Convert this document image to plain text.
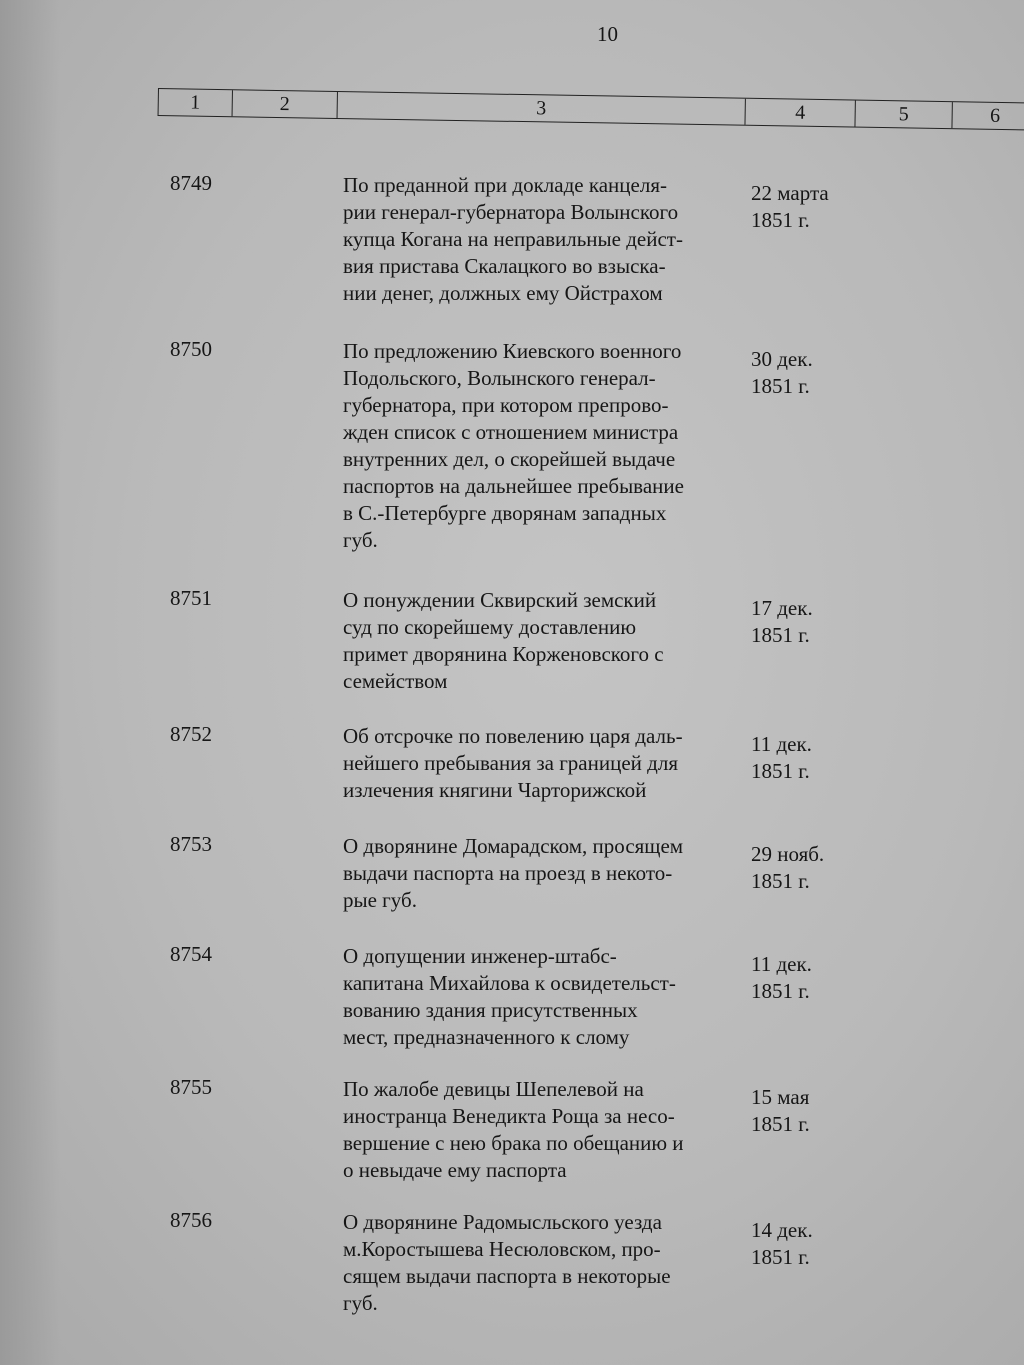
10
1	2	3	4	5	6
8749	По преданной при докладе канцеля-
рии генерал-губернатора Волынского
купца Когана на неправильные дейст-
вия пристава Скалацкого во взыска-
нии денег, должных ему Ойстрахом
22 марта
1851 г.
8750	По предложению Киевского военного
Подольского, Волынского генерал-
губернатора, при котором препрово-
жден список с отношением министра
внутренних дел, о скорейшей выдаче
паспортов на дальнейшее пребывание
в С.-Петербурге дворянам западных
губ.
30 дек.
1851 г.
8751	О понуждении Сквирский земский
суд по скорейшему доставлению
примет дворянина Корженовского с
семейством
17 дек.
1851 г.
8752	Об отсрочке по повелению царя даль-
нейшего пребывания за границей для
излечения княгини Чарторижской
11 дек.
1851 г.
8753	О дворянине Домарадском, просящем
выдачи паспорта на проезд в некото-
рые губ.
29 нояб.
1851 г.
8754	О допущении инженер-штабс-
капитана Михайлова к освидетельст-
вованию здания присутственных
мест, предназначенного к слому
11 дек.
1851 г.
8755	По жалобе девицы Шепелевой на
иностранца Венедикта Роща за несо-
вершение с нею брака по обещанию и
о невыдаче ему паспорта
15 мая
1851 г.
8756	О дворянине Радомысльского уезда
м.Коростышева Несюловском, про-
сящем выдачи паспорта в некоторые
губ.
14 дек.
1851 г.
